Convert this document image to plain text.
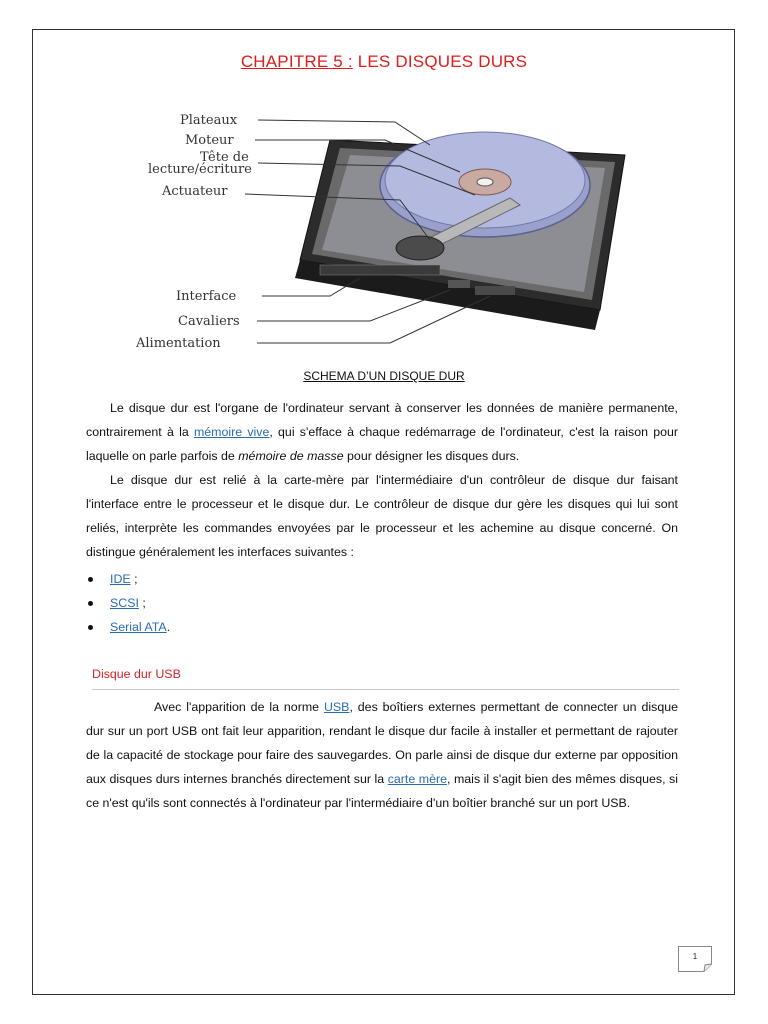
CHAPITRE 5 : LES DISQUES DURS
Plateaux
Moteur
Tête de
lecture/écriture
Actuateur
Interface
Cavaliers
Alimentation
SCHEMA D’UN DISQUE DUR
Le disque dur est l'organe de l'ordinateur servant à conserver les données de manière permanente, contrairement à la mémoire vive, qui s'efface à chaque redémarrage de l'ordinateur, c'est la raison pour laquelle on parle parfois de mémoire de masse pour désigner les disques durs.
Le disque dur est relié à la carte-mère par l'intermédiaire d'un contrôleur de disque dur faisant l'interface entre le processeur et le disque dur. Le contrôleur de disque dur gère les disques qui lui sont reliés, interprète les commandes envoyées par le processeur et les achemine au disque concerné. On distingue généralement les interfaces suivantes :
IDE ;
SCSI ;
Serial ATA.
Disque dur USB
Avec l'apparition de la norme USB, des boîtiers externes permettant de connecter un disque dur sur un port USB ont fait leur apparition, rendant le disque dur facile à installer et permettant de rajouter de la capacité de stockage pour faire des sauvegardes. On parle ainsi de disque dur externe par opposition aux disques durs internes branchés directement sur la carte mère, mais il s'agit bien des mêmes disques, si ce n'est qu'ils sont connectés à l'ordinateur par l'intermédiaire d'un boîtier branché sur un port USB.
1
